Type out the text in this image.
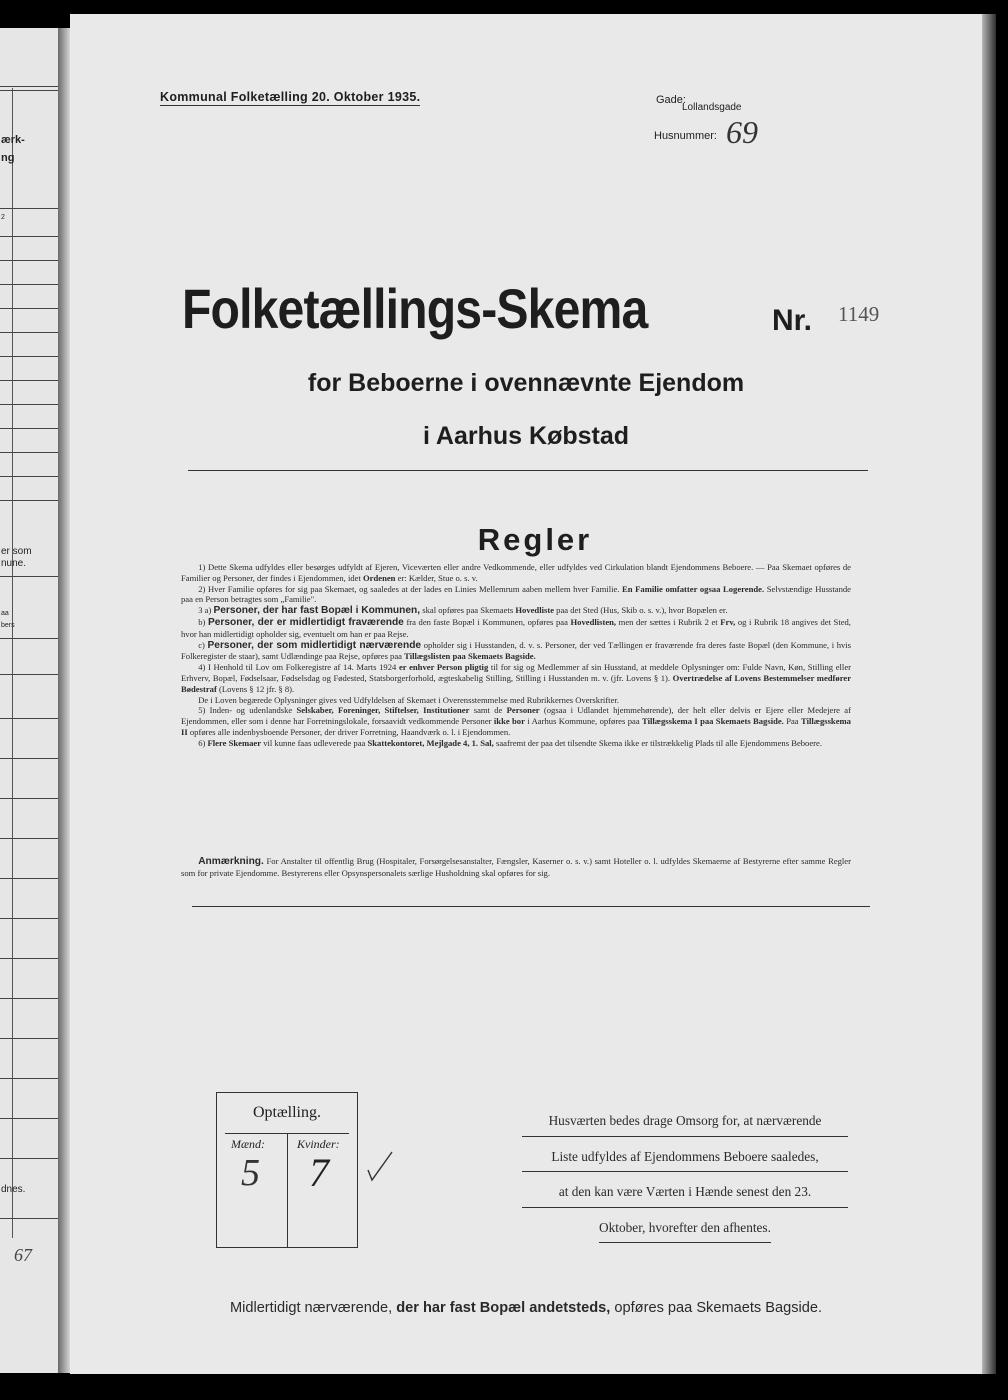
ærk-
ng
2
er som
nune.
aa
bers
dnes.
67
Kommunal Folketælling 20. Oktober 1935.	Gade:
Lollandsgade
Husnummer: 69
Folketællings-Skema	Nr. 1149
for Beboerne i ovennævnte Ejendom
i Aarhus Købstad
Regler

1) Dette Skema udfyldes eller besørges udfyldt af Ejeren, Viceværten eller andre Vedkommende, eller udfyldes ved Cirkulation blandt Ejendommens Beboere. — Paa Skemaet opføres de Familier og Personer, der findes i Ejendommen, idet Ordenen er: Kælder, Stue o. s. v.

2) Hver Familie opføres for sig paa Skemaet, og saaledes at der lades en Linies Mellemrum aaben mellem hver Familie. En Familie omfatter ogsaa Logerende. Selvstændige Husstande paa en Person betragtes som „Familie".

3 a) Personer, der har fast Bopæl i Kommunen, skal opføres paa Skemaets Hovedliste paa det Sted (Hus, Skib o. s. v.), hvor Bopælen er.

b) Personer, der er midlertidigt fraværende fra den faste Bopæl i Kommunen, opføres paa Hovedlisten, men der sættes i Rubrik 2 et Frv, og i Rubrik 18 angives det Sted, hvor han midlertidigt opholder sig, eventuelt om han er paa Rejse.

c) Personer, der som midlertidigt nærværende opholder sig i Husstanden, d. v. s. Personer, der ved Tællingen er fraværende fra deres faste Bopæl (den Kommune, i hvis Folkeregister de staar), samt Udlændinge paa Rejse, opføres paa Tillægslisten paa Skemaets Bagside.

4) I Henhold til Lov om Folkeregistre af 14. Marts 1924 er enhver Person pligtig til for sig og Medlemmer af sin Husstand, at meddele Oplysninger om: Fulde Navn, Køn, Stilling eller Erhverv, Bopæl, Fødselsaar, Fødselsdag og Fødested, Statsborgerforhold, ægteskabelig Stilling, Stilling i Husstanden m. v. (jfr. Lovens § 1). Overtrædelse af Lovens Bestemmelser medfører Bødestraf (Lovens § 12 jfr. § 8).

De i Loven begærede Oplysninger gives ved Udfyldelsen af Skemaet i Overensstemmelse med Rubrikkernes Overskrifter.

5) Inden- og udenlandske Selskaber, Foreninger, Stiftelser, Institutioner samt de Personer (ogsaa i Udlandet hjemmehørende), der helt eller delvis er Ejere eller Medejere af Ejendommen, eller som i denne har Forretningslokale, forsaavidt vedkommende Personer ikke bor i Aarhus Kommune, opføres paa Tillægsskema I paa Skemaets Bagside. Paa Tillægsskema II opføres alle indenbysboende Personer, der driver Forretning, Haandværk o. l. i Ejendommen.

6) Flere Skemaer vil kunne faas udleverede paa Skattekontoret, Mejlgade 4, 1. Sal, saafremt der paa det tilsendte Skema ikke er tilstrækkelig Plads til alle Ejendommens Beboere.

Anmærkning. For Anstalter til offentlig Brug (Hospitaler, Forsørgelsesanstalter, Fængsler, Kaserner o. s. v.) samt Hoteller o. l. udfyldes Skemaerne af Bestyrerne efter samme Regler som for private Ejendomme. Bestyrerens eller Opsynspersonalets særlige Husholdning skal opføres for sig.
Optælling.
Mænd:	Kvinder:
5 7
Husværten bedes drage Omsorg for, at nærværende
Liste udfyldes af Ejendommens Beboere saaledes,
at den kan være Værten i Hænde senest den 23.
Oktober, hvorefter den afhentes.
Midlertidigt nærværende, der har fast Bopæl andetsteds, opføres paa Skemaets Bagside.
